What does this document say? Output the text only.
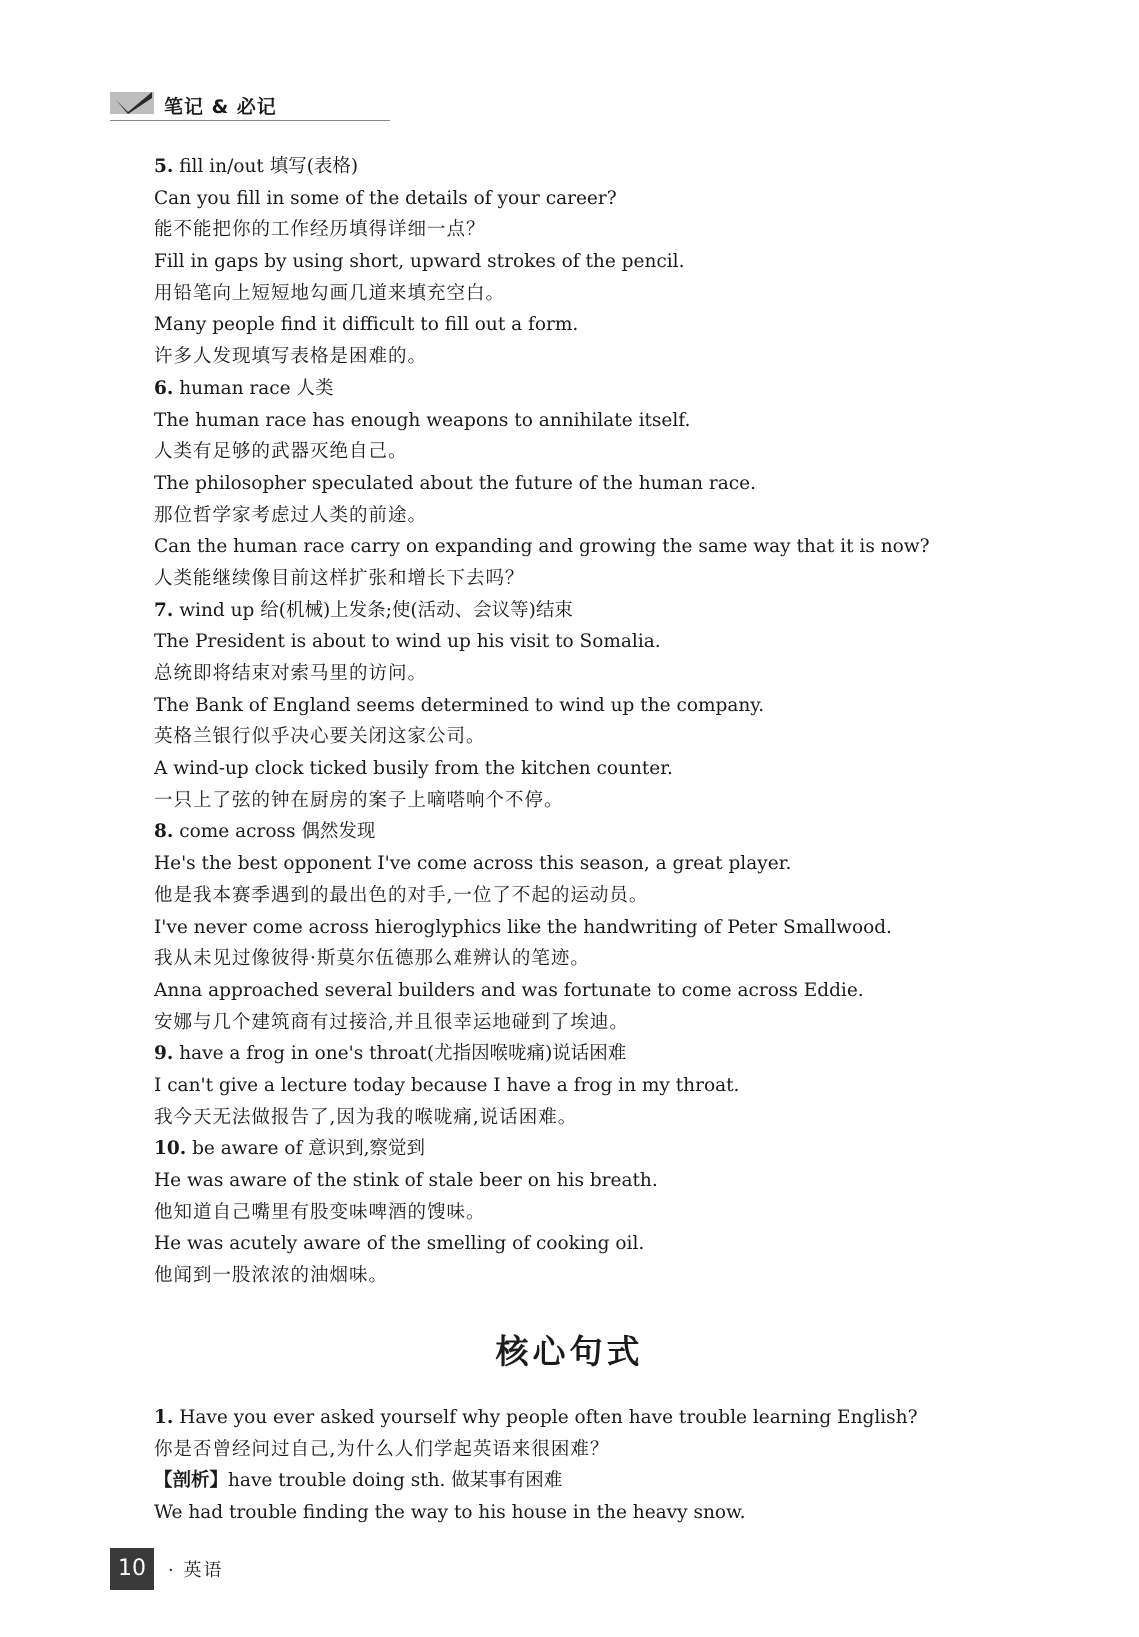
笔记 & 必记
5. fill in/out 填写(表格)
Can you fill in some of the details of your career?
能不能把你的工作经历填得详细一点？
Fill in gaps by using short, upward strokes of the pencil.
用铅笔向上短短地勾画几道来填充空白。
Many people find it difficult to fill out a form.
许多人发现填写表格是困难的。
6. human race 人类
The human race has enough weapons to annihilate itself.
人类有足够的武器灭绝自己。
The philosopher speculated about the future of the human race.
那位哲学家考虑过人类的前途。
Can the human race carry on expanding and growing the same way that it is now?
人类能继续像目前这样扩张和增长下去吗？
7. wind up 给(机械)上发条;使(活动、会议等)结束
The President is about to wind up his visit to Somalia.
总统即将结束对索马里的访问。
The Bank of England seems determined to wind up the company.
英格兰银行似乎决心要关闭这家公司。
A wind-up clock ticked busily from the kitchen counter.
一只上了弦的钟在厨房的案子上嘀嗒响个不停。
8. come across 偶然发现
He's the best opponent I've come across this season, a great player.
他是我本赛季遇到的最出色的对手,一位了不起的运动员。
I've never come across hieroglyphics like the handwriting of Peter Smallwood.
我从未见过像彼得·斯莫尔伍德那么难辨认的笔迹。
Anna approached several builders and was fortunate to come across Eddie.
安娜与几个建筑商有过接洽,并且很幸运地碰到了埃迪。
9. have a frog in one's throat(尤指因喉咙痛)说话困难
I can't give a lecture today because I have a frog in my throat.
我今天无法做报告了,因为我的喉咙痛,说话困难。
10. be aware of 意识到,察觉到
He was aware of the stink of stale beer on his breath.
他知道自己嘴里有股变味啤酒的馊味。
He was acutely aware of the smelling of cooking oil.
他闻到一股浓浓的油烟味。
核心句式
1. Have you ever asked yourself why people often have trouble learning English?
你是否曾经问过自己,为什么人们学起英语来很困难？
【剖析】have trouble doing sth. 做某事有困难
We had trouble finding the way to his house in the heavy snow.
10	· 英语
